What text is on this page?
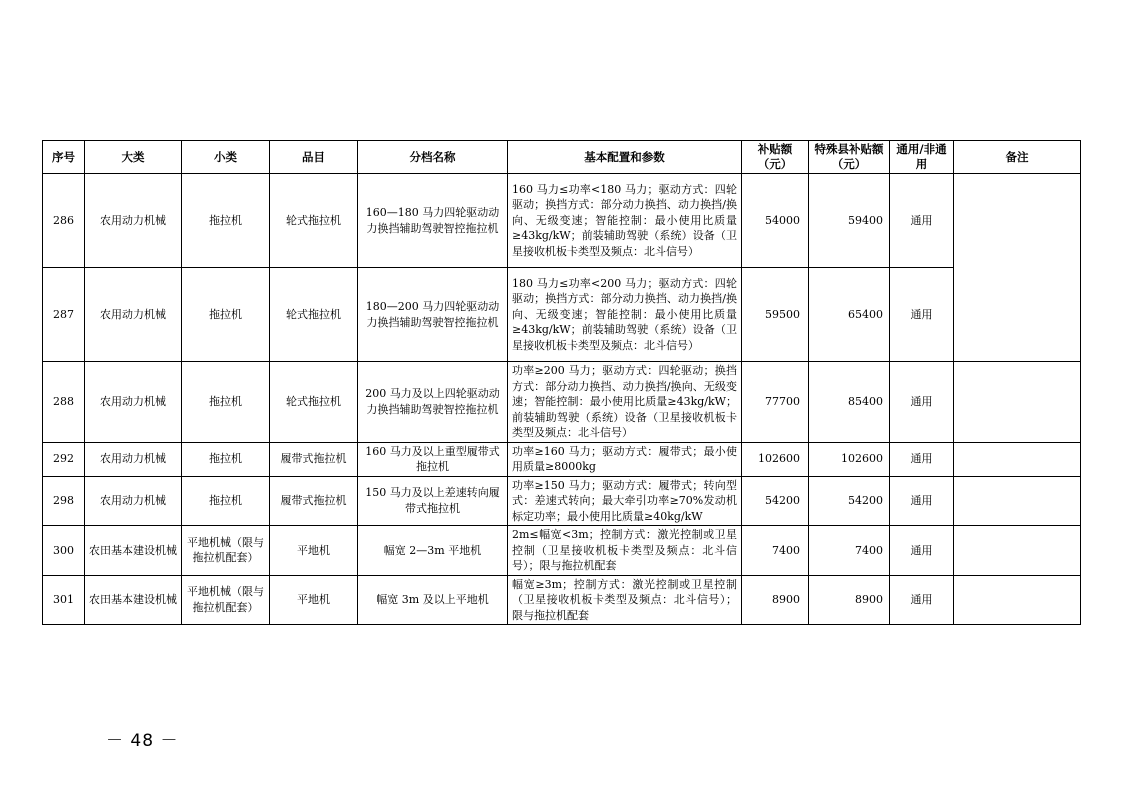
序号	大类	小类	品目	分档名称	基本配置和参数	补贴额（元）	特殊县补贴额（元）	通用/非通用	备注
286	农用动力机械	拖拉机	轮式拖拉机	160—180 马力四轮驱动动力换挡辅助驾驶智控拖拉机	160 马力≤功率<180 马力；驱动方式：四轮驱动；换挡方式：部分动力换挡、动力换挡/换向、无级变速；智能控制：最小使用比质量≥43kg/kW；前装辅助驾驶（系统）设备（卫星接收机板卡类型及频点：北斗信号）	54000	59400	通用	
287	农用动力机械	拖拉机	轮式拖拉机	180—200 马力四轮驱动动力换挡辅助驾驶智控拖拉机	180 马力≤功率<200 马力；驱动方式：四轮驱动；换挡方式：部分动力换挡、动力换挡/换向、无级变速；智能控制：最小使用比质量≥43kg/kW；前装辅助驾驶（系统）设备（卫星接收机板卡类型及频点：北斗信号）	59500	65400	通用	
288	农用动力机械	拖拉机	轮式拖拉机	200 马力及以上四轮驱动动力换挡辅助驾驶智控拖拉机	功率≥200 马力；驱动方式：四轮驱动；换挡方式：部分动力换挡、动力换挡/换向、无级变速；智能控制：最小使用比质量≥43kg/kW；前装辅助驾驶（系统）设备（卫星接收机板卡类型及频点：北斗信号）	77700	85400	通用	
292	农用动力机械	拖拉机	履带式拖拉机	160 马力及以上重型履带式拖拉机	功率≥160 马力；驱动方式：履带式；最小使用质量≥8000kg	102600	102600	通用	
298	农用动力机械	拖拉机	履带式拖拉机	150 马力及以上差速转向履带式拖拉机	功率≥150 马力；驱动方式：履带式；转向型式：差速式转向；最大牵引功率≥70%发动机标定功率；最小使用比质量≥40kg/kW	54200	54200	通用	
300	农田基本建设机械	平地机械（限与拖拉机配套）	平地机	幅宽 2—3m 平地机	2m≤幅宽<3m；控制方式：激光控制或卫星控制（卫星接收机板卡类型及频点：北斗信号）；限与拖拉机配套	7400	7400	通用	
301	农田基本建设机械	平地机械（限与拖拉机配套）	平地机	幅宽 3m 及以上平地机	幅宽≥3m；控制方式：激光控制或卫星控制（卫星接收机板卡类型及频点：北斗信号）；限与拖拉机配套	8900	8900	通用	
－ 48 －
